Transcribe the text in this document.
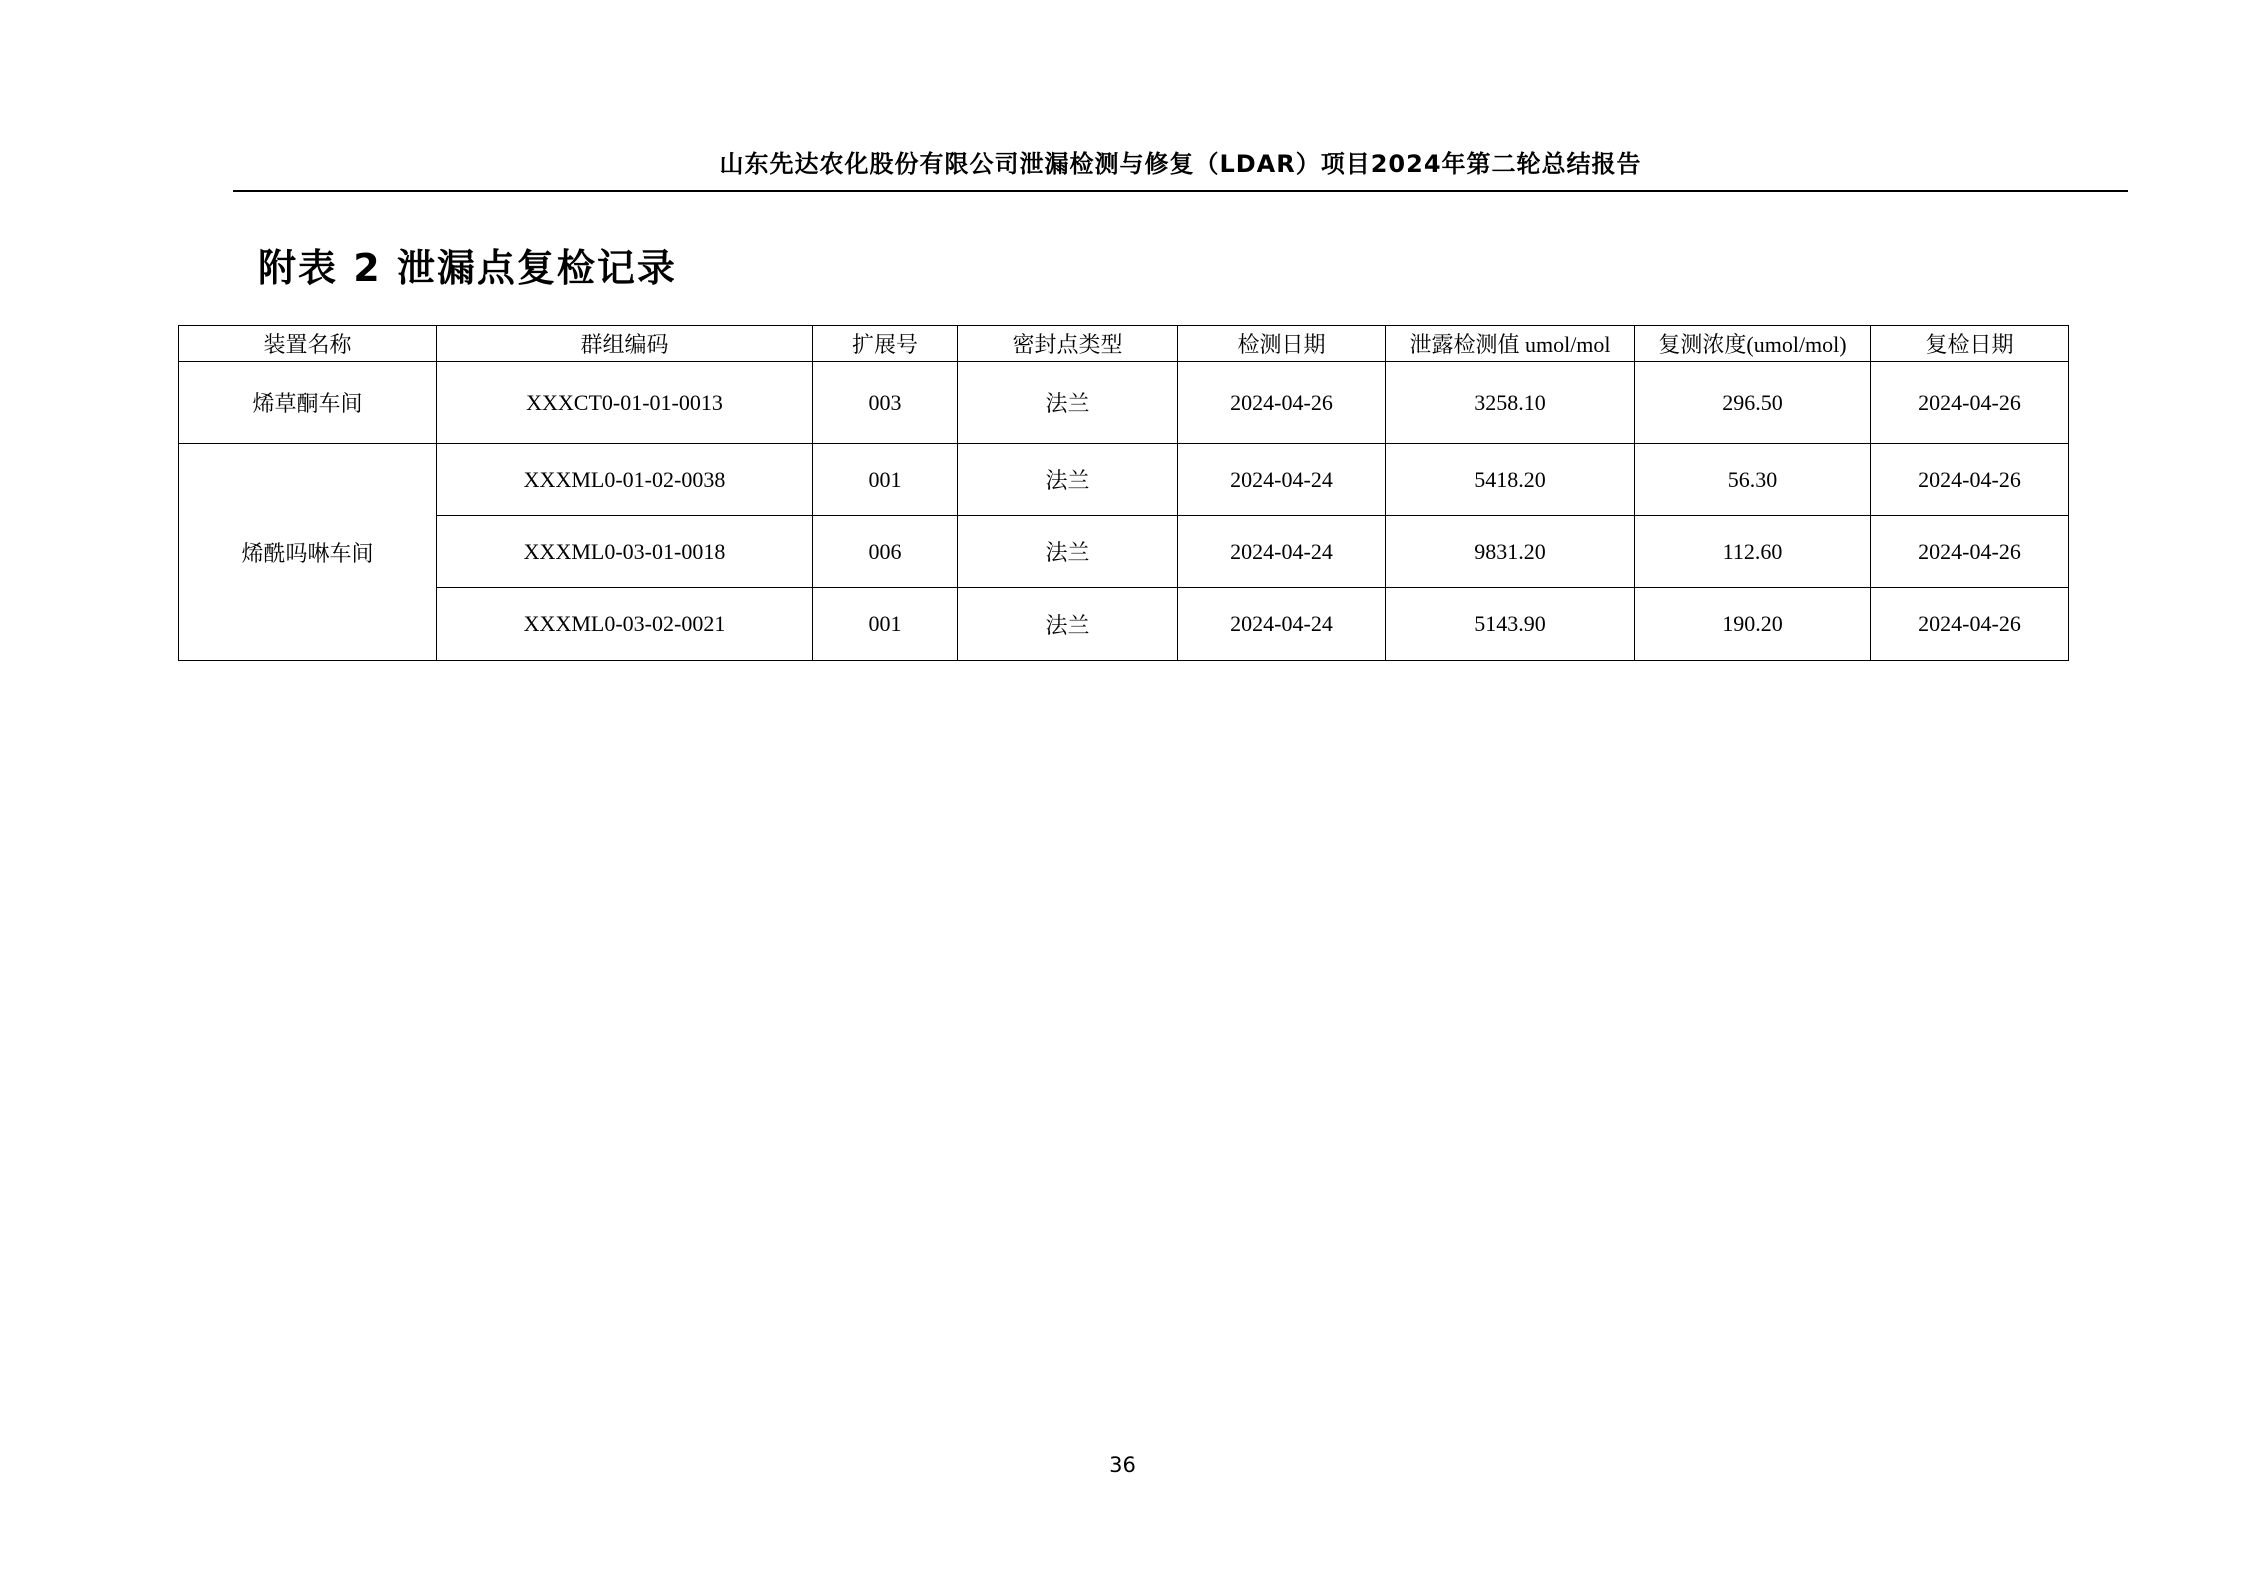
山东先达农化股份有限公司泄漏检测与修复（LDAR）项目2024年第二轮总结报告
附表 2 泄漏点复检记录
装置名称	群组编码	扩展号	密封点类型	检测日期	泄露检测值 umol/mol	复测浓度(umol/mol)	复检日期
烯草酮车间	XXXCT0-01-01-0013	003	法兰	2024-04-26	3258.10	296.50	2024-04-26
烯酰吗啉车间	XXXML0-01-02-0038	001	法兰	2024-04-24	5418.20	56.30	2024-04-26
	XXXML0-03-01-0018	006	法兰	2024-04-24	9831.20	112.60	2024-04-26
	XXXML0-03-02-0021	001	法兰	2024-04-24	5143.90	190.20	2024-04-26
36
